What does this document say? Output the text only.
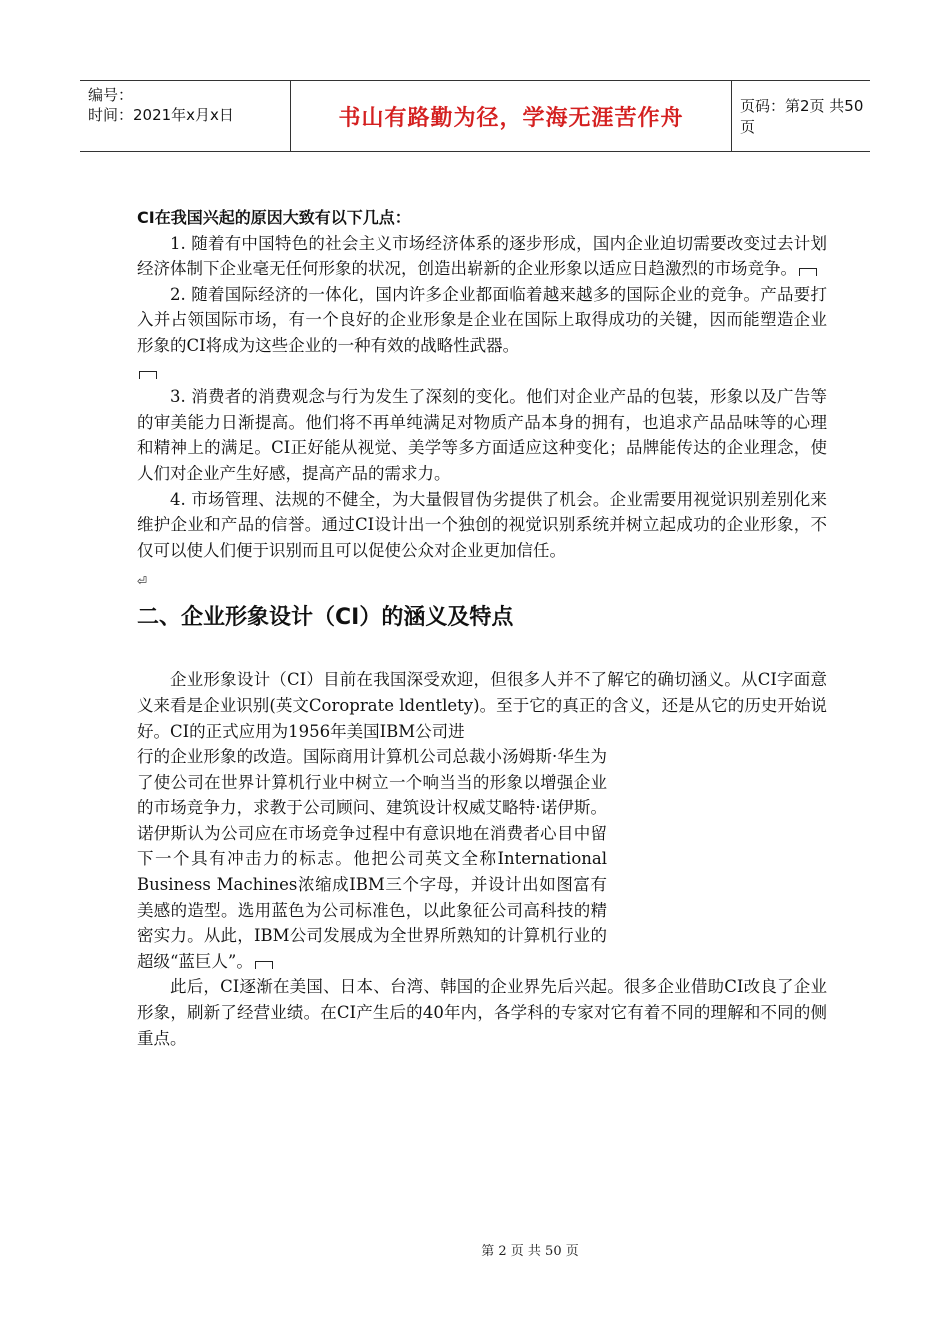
编号：
时间：2021年x月x日	书山有路勤为径，学海无涯苦作舟	页码：第2页 共50页

CI在我国兴起的原因大致有以下几点：

1. 随着有中国特色的社会主义市场经济体系的逐步形成，国内企业迫切需要改变过去计划经济体制下企业毫无任何形象的状况，创造出崭新的企业形象以适应日趋激烈的市场竞争。

2. 随着国际经济的一体化，国内许多企业都面临着越来越多的国际企业的竞争。产品要打入并占领国际市场，有一个良好的企业形象是企业在国际上取得成功的关键，因而能塑造企业形象的CI将成为这些企业的一种有效的战略性武器。

3. 消费者的消费观念与行为发生了深刻的变化。他们对企业产品的包装，形象以及广告等的审美能力日渐提高。他们将不再单纯满足对物质产品本身的拥有，也追求产品品味等的心理和精神上的满足。CI正好能从视觉、美学等多方面适应这种变化；品牌能传达的企业理念，使人们对企业产生好感，提高产品的需求力。

4. 市场管理、法规的不健全，为大量假冒伪劣提供了机会。企业需要用视觉识别差别化来维护企业和产品的信誉。通过CI设计出一个独创的视觉识别系统并树立起成功的企业形象，不仅可以使人们便于识别而且可以促使公众对企业更加信任。

⏎
二、企业形象设计（CI）的涵义及特点

企业形象设计（CI）目前在我国深受欢迎，但很多人并不了解它的确切涵义。从CI字面意义来看是企业识别(英文Coroprate ldentlety)。至于它的真正的含义，还是从它的历史开始说好。CI的正式应用为1956年美国IBM公司进

行的企业形象的改造。国际商用计算机公司总裁小汤姆斯·华生为了使公司在世界计算机行业中树立一个响当当的形象以增强企业的市场竞争力，求教于公司顾问、建筑设计权威艾略特·诺伊斯。诺伊斯认为公司应在市场竞争过程中有意识地在消费者心目中留下一个具有冲击力的标志。他把公司英文全称International Business Machines浓缩成IBM三个字母，并设计出如图富有美感的造型。选用蓝色为公司标准色，以此象征公司高科技的精密实力。从此，IBM公司发展成为全世界所熟知的计算机行业的超级“蓝巨人”。

此后，CI逐渐在美国、日本、台湾、韩国的企业界先后兴起。很多企业借助CI改良了企业形象，刷新了经营业绩。在CI产生后的40年内，各学科的专家对它有着不同的理解和不同的侧重点。

第 2 页 共 50 页
